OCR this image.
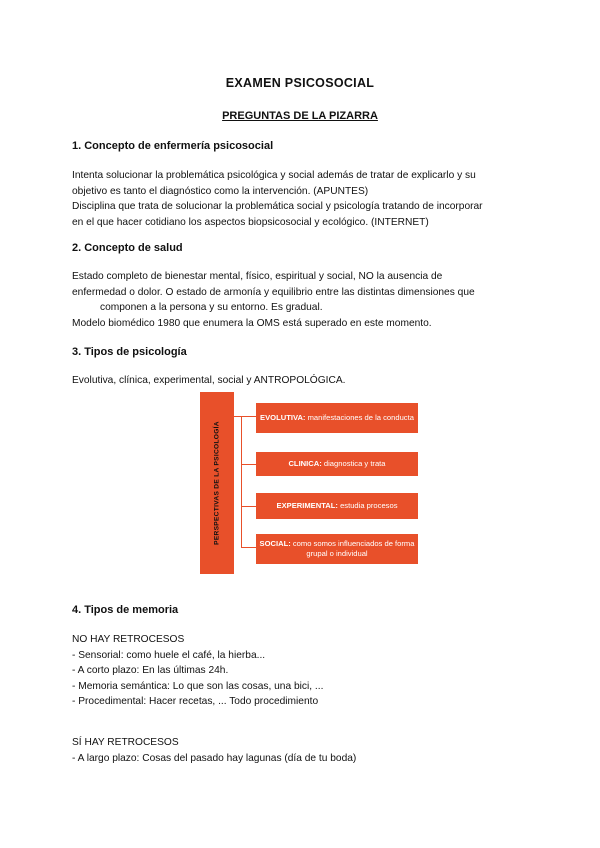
EXAMEN PSICOSOCIAL
PREGUNTAS DE LA PIZARRA
1. Concepto de enfermería psicosocial
Intenta solucionar la problemática psicológica y social además de tratar de explicarlo y su
objetivo es tanto el diagnóstico como la intervención. (APUNTES)
Disciplina que trata de solucionar la problemática social y psicología tratando de incorporar
en el que hacer cotidiano los aspectos biopsicosocial y ecológico. (INTERNET)
2. Concepto de salud
Estado completo de bienestar mental, físico, espiritual y social, NO la ausencia de
enfermedad o dolor. O estado de armonía y equilibrio entre las distintas dimensiones que
componen a la persona y su entorno. Es gradual.
Modelo biomédico 1980 que enumera la OMS está superado en este momento.
3. Tipos de psicología
Evolutiva, clínica, experimental, social y ANTROPOLÓGICA.
PERSPECTIVAS DE LA PSICOLOGÍA
EVOLUTIVA: manifestaciones de la conducta
CLINICA: diagnostica y trata
EXPERIMENTAL: estudia procesos
SOCIAL: como somos influenciados de forma grupal o individual
4. Tipos de memoria
NO HAY RETROCESOS
- Sensorial: como huele el café, la hierba...
- A corto plazo: En las últimas 24h.
- Memoria semántica: Lo que son las cosas, una bici, ...
- Procedimental: Hacer recetas, ... Todo procedimiento
SÍ HAY RETROCESOS
- A largo plazo: Cosas del pasado hay lagunas (día de tu boda)
